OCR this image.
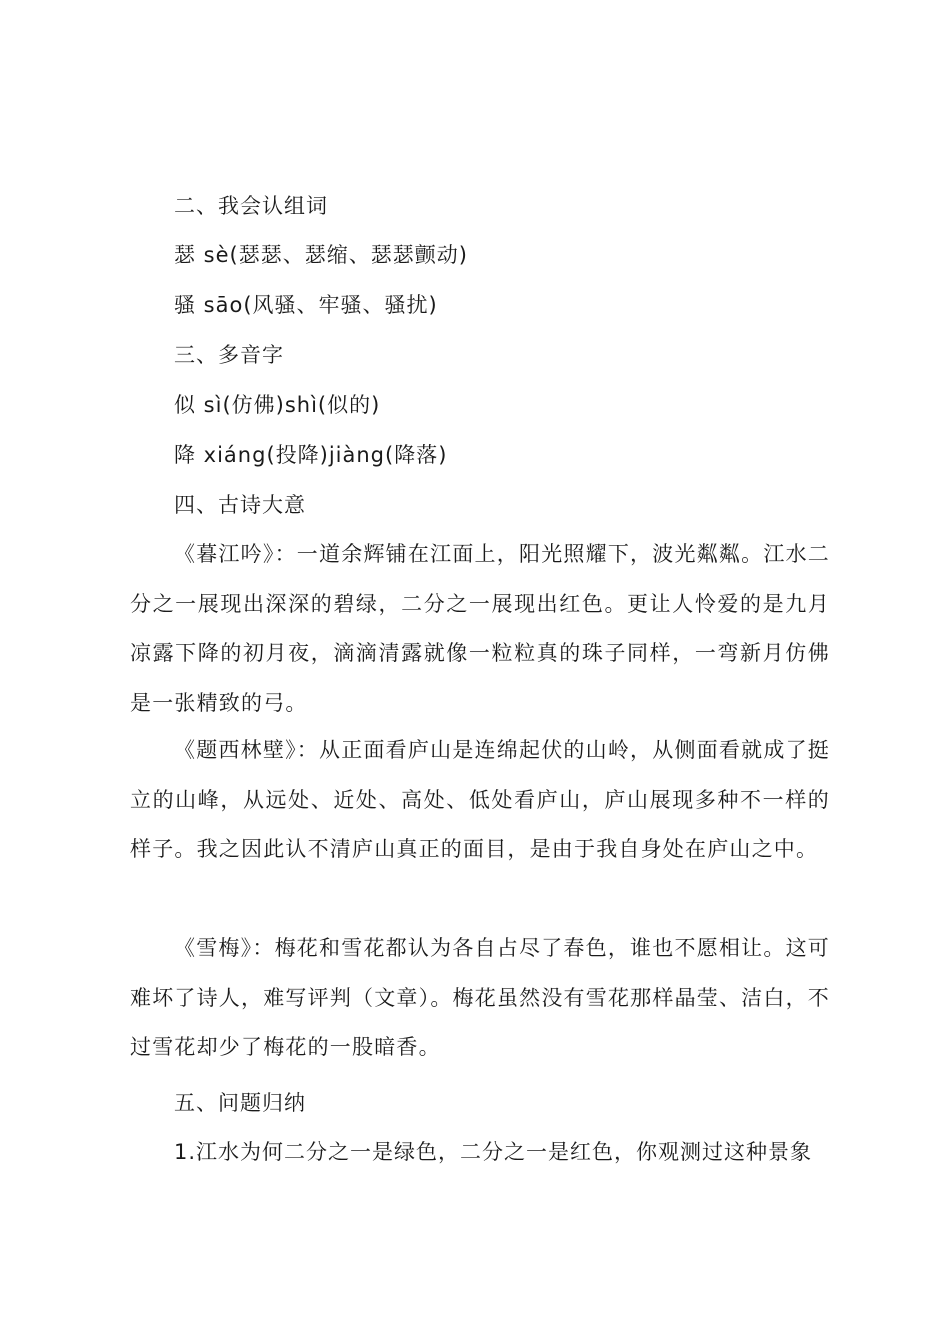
二、我会认组词
瑟 sè(瑟瑟、瑟缩、瑟瑟颤动)
骚 sāo(风骚、牢骚、骚扰)
三、多音字
似 sì(仿佛)shì(似的)
降 xiáng(投降)jiàng(降落)
四、古诗大意
《暮江吟》：一道余辉铺在江面上，阳光照耀下，波光粼粼。江水二分之一展现出深深的碧绿，二分之一展现出红色。更让人怜爱的是九月凉露下降的初月夜，滴滴清露就像一粒粒真的珠子同样，一弯新月仿佛是一张精致的弓。
《题西林壁》：从正面看庐山是连绵起伏的山岭，从侧面看就成了挺立的山峰，从远处、近处、高处、低处看庐山，庐山展现多种不一样的样子。我之因此认不清庐山真正的面目，是由于我自身处在庐山之中。
《雪梅》：梅花和雪花都认为各自占尽了春色，谁也不愿相让。这可难坏了诗人，难写评判（文章）。梅花虽然没有雪花那样晶莹、洁白，不过雪花却少了梅花的一股暗香。
五、问题归纳
1.江水为何二分之一是绿色，二分之一是红色，你观测过这种景象
